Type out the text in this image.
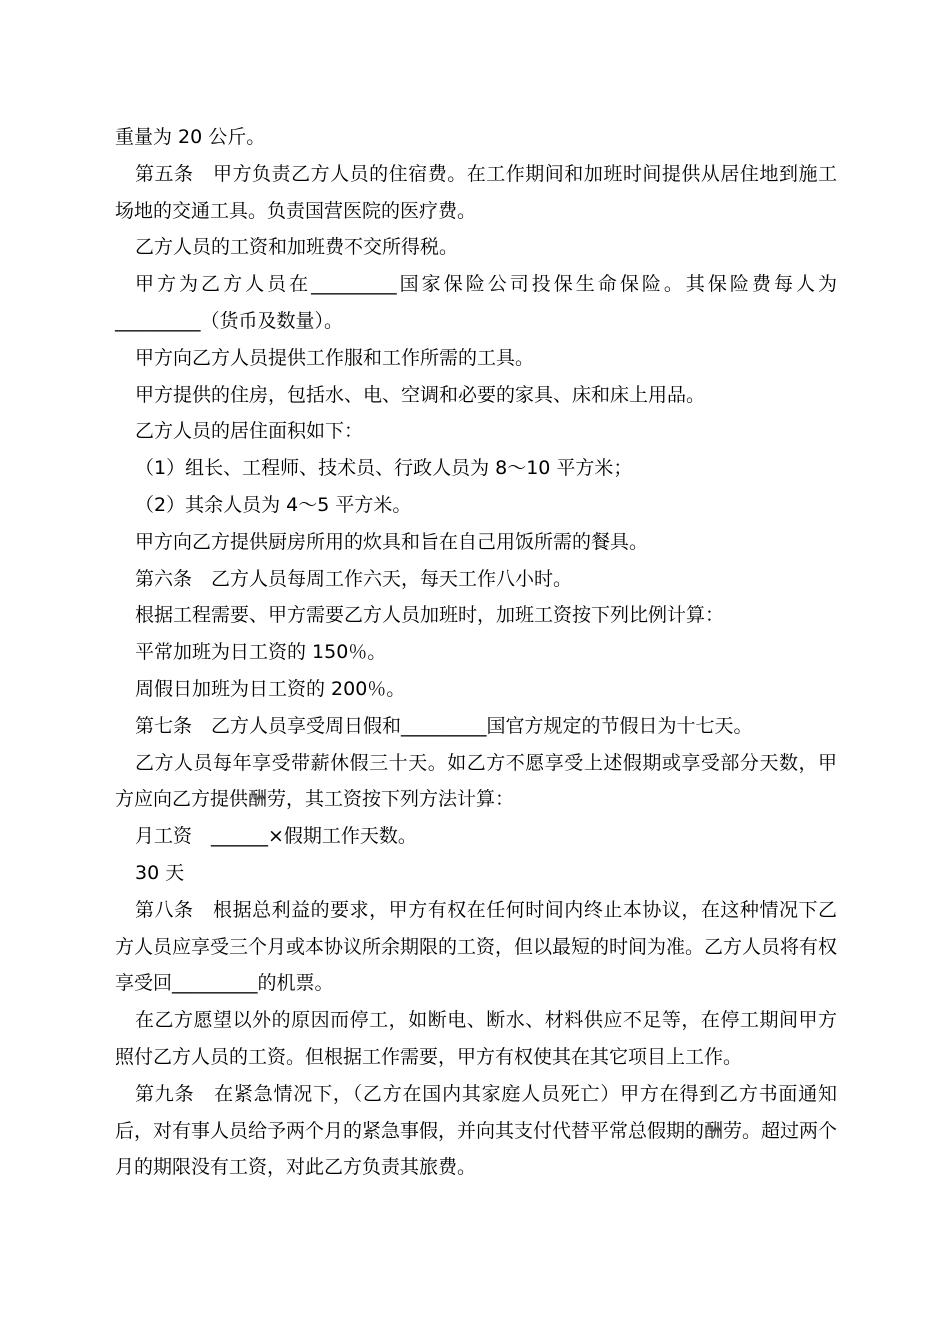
重量为 20 公斤。

第五条　甲方负责乙方人员的住宿费。在工作期间和加班时间提供从居住地到施工场地的交通工具。负责国营医院的医疗费。

乙方人员的工资和加班费不交所得税。

甲方为乙方人员在_________国家保险公司投保生命保险。其保险费每人为_________（货币及数量）。

甲方向乙方人员提供工作服和工作所需的工具。

甲方提供的住房，包括水、电、空调和必要的家具、床和床上用品。

乙方人员的居住面积如下：

（1）组长、工程师、技术员、行政人员为 8～10 平方米；

（2）其余人员为 4～5 平方米。

甲方向乙方提供厨房所用的炊具和旨在自己用饭所需的餐具。

第六条　乙方人员每周工作六天，每天工作八小时。

根据工程需要、甲方需要乙方人员加班时，加班工资按下列比例计算：

平常加班为日工资的 150％。

周假日加班为日工资的 200％。

第七条　乙方人员享受周日假和_________国官方规定的节假日为十七天。

乙方人员每年享受带薪休假三十天。如乙方不愿享受上述假期或享受部分天数，甲方应向乙方提供酬劳，其工资按下列方法计算：

月工资　______×假期工作天数。

30 天

第八条　根据总利益的要求，甲方有权在任何时间内终止本协议，在这种情况下乙方人员应享受三个月或本协议所余期限的工资，但以最短的时间为准。乙方人员将有权享受回_________的机票。

在乙方愿望以外的原因而停工，如断电、断水、材料供应不足等，在停工期间甲方照付乙方人员的工资。但根据工作需要，甲方有权使其在其它项目上工作。

第九条　在紧急情况下，（乙方在国内其家庭人员死亡）甲方在得到乙方书面通知后，对有事人员给予两个月的紧急事假，并向其支付代替平常总假期的酬劳。超过两个月的期限没有工资，对此乙方负责其旅费。
